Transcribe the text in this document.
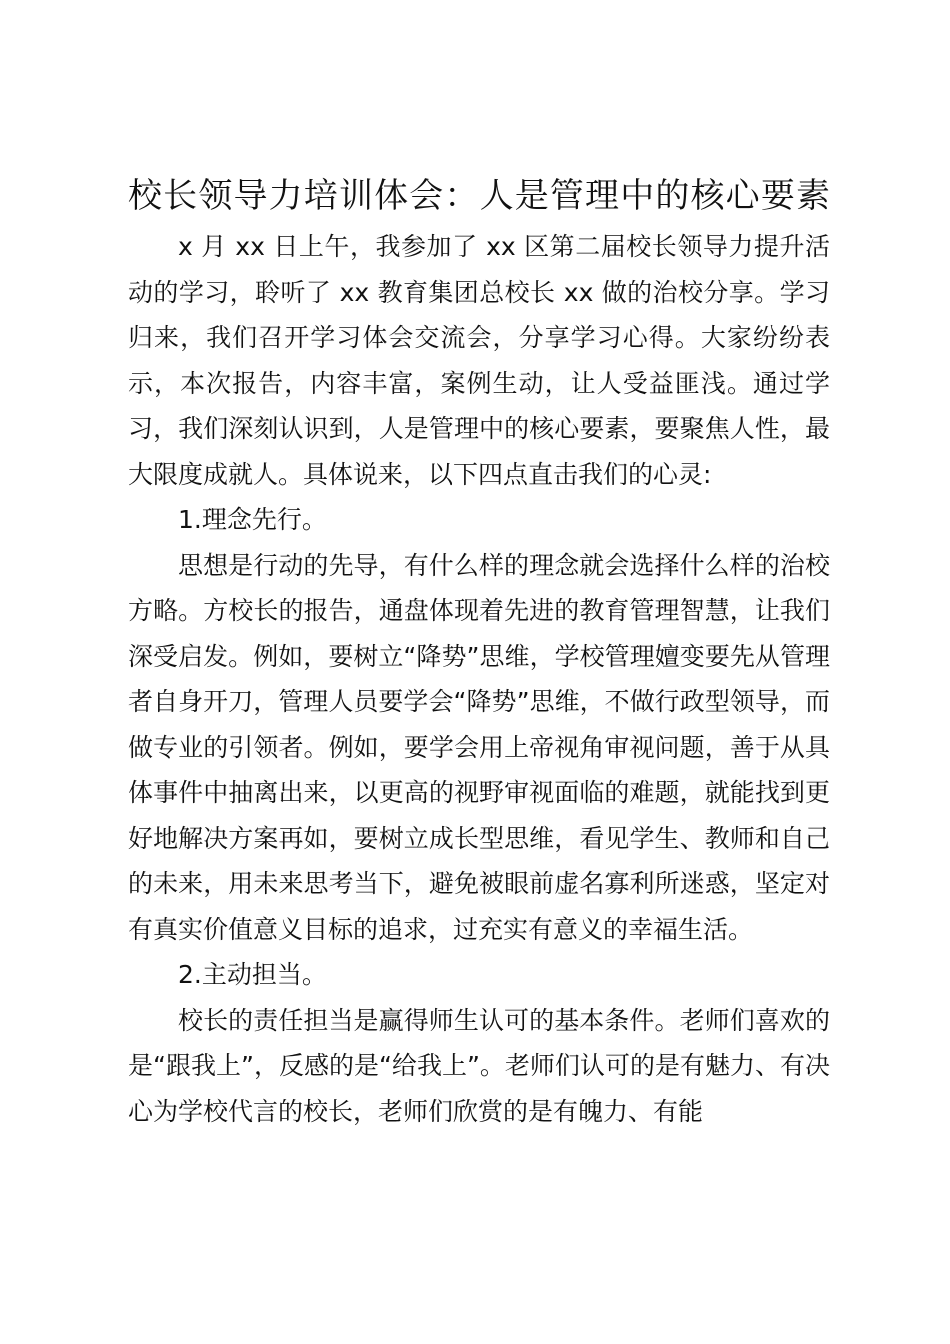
校长领导力培训体会：人是管理中的核心要素

x 月 xx 日上午，我参加了 xx 区第二届校长领导力提升活动的学习，聆听了 xx 教育集团总校长 xx 做的治校分享。学习归来，我们召开学习体会交流会，分享学习心得。大家纷纷表示，本次报告，内容丰富，案例生动，让人受益匪浅。通过学习，我们深刻认识到，人是管理中的核心要素，要聚焦人性，最大限度成就人。具体说来，以下四点直击我们的心灵:

1.理念先行。

思想是行动的先导，有什么样的理念就会选择什么样的治校方略。方校长的报告，通盘体现着先进的教育管理智慧，让我们深受启发。例如，要树立“降势”思维，学校管理嬗变要先从管理者自身开刀，管理人员要学会“降势”思维，不做行政型领导，而做专业的引领者。例如，要学会用上帝视角审视问题，善于从具体事件中抽离出来，以更高的视野审视面临的难题，就能找到更好地解决方案再如，要树立成长型思维，看见学生、教师和自己的未来，用未来思考当下，避免被眼前虚名寡利所迷惑，坚定对有真实价值意义目标的追求，过充实有意义的幸福生活。

2.主动担当。

校长的责任担当是赢得师生认可的基本条件。老师们喜欢的是“跟我上”，反感的是“给我上”。老师们认可的是有魅力、有决心为学校代言的校长，老师们欣赏的是有魄力、有能
